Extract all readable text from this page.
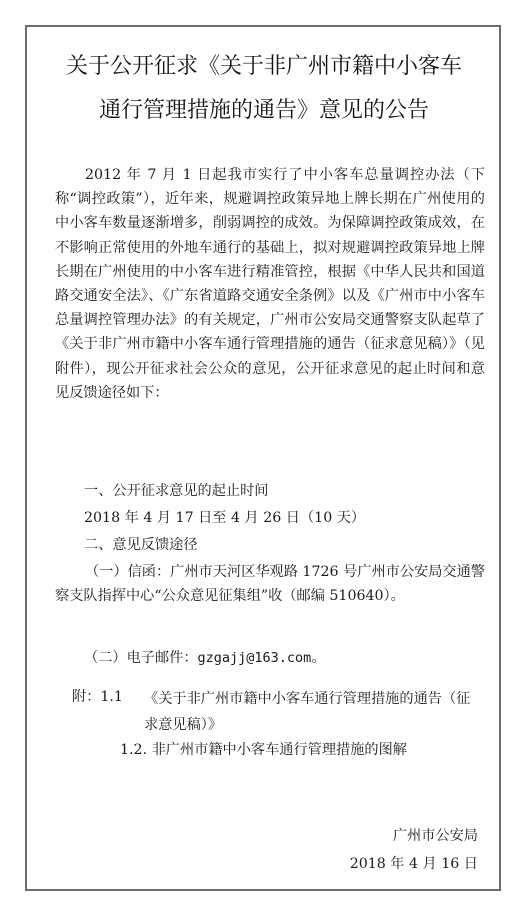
关于公开征求《关于非广州市籍中小客车
通行管理措施的通告》意见的公告
2012 年 7 月 1 日起我市实行了中小客车总量调控办法（下称“调控政策”），近年来，规避调控政策异地上牌长期在广州使用的中小客车数量逐渐增多，削弱调控的成效。为保障调控政策成效，在不影响正常使用的外地车通行的基础上，拟对规避调控政策异地上牌长期在广州使用的中小客车进行精准管控，根据《中华人民共和国道路交通安全法》、《广东省道路交通安全条例》以及《广州市中小客车总量调控管理办法》的有关规定，广州市公安局交通警察支队起草了《关于非广州市籍中小客车通行管理措施的通告（征求意见稿）》（见附件），现公开征求社会公众的意见，公开征求意见的起止时间和意见反馈途径如下：
一、公开征求意见的起止时间
2018 年 4 月 17 日至 4 月 26 日（10 天）
二、意见反馈途径
（一）信函：广州市天河区华观路 1726 号广州市公安局交通警察支队指挥中心“公众意见征集组”收（邮编 510640）。
（二）电子邮件：gzgajj@163.com。
附：1.1 《关于非广州市籍中小客车通行管理措施的通告（征求意见稿）》
1.2. 非广州市籍中小客车通行管理措施的图解
广州市公安局
2018 年 4 月 16 日
